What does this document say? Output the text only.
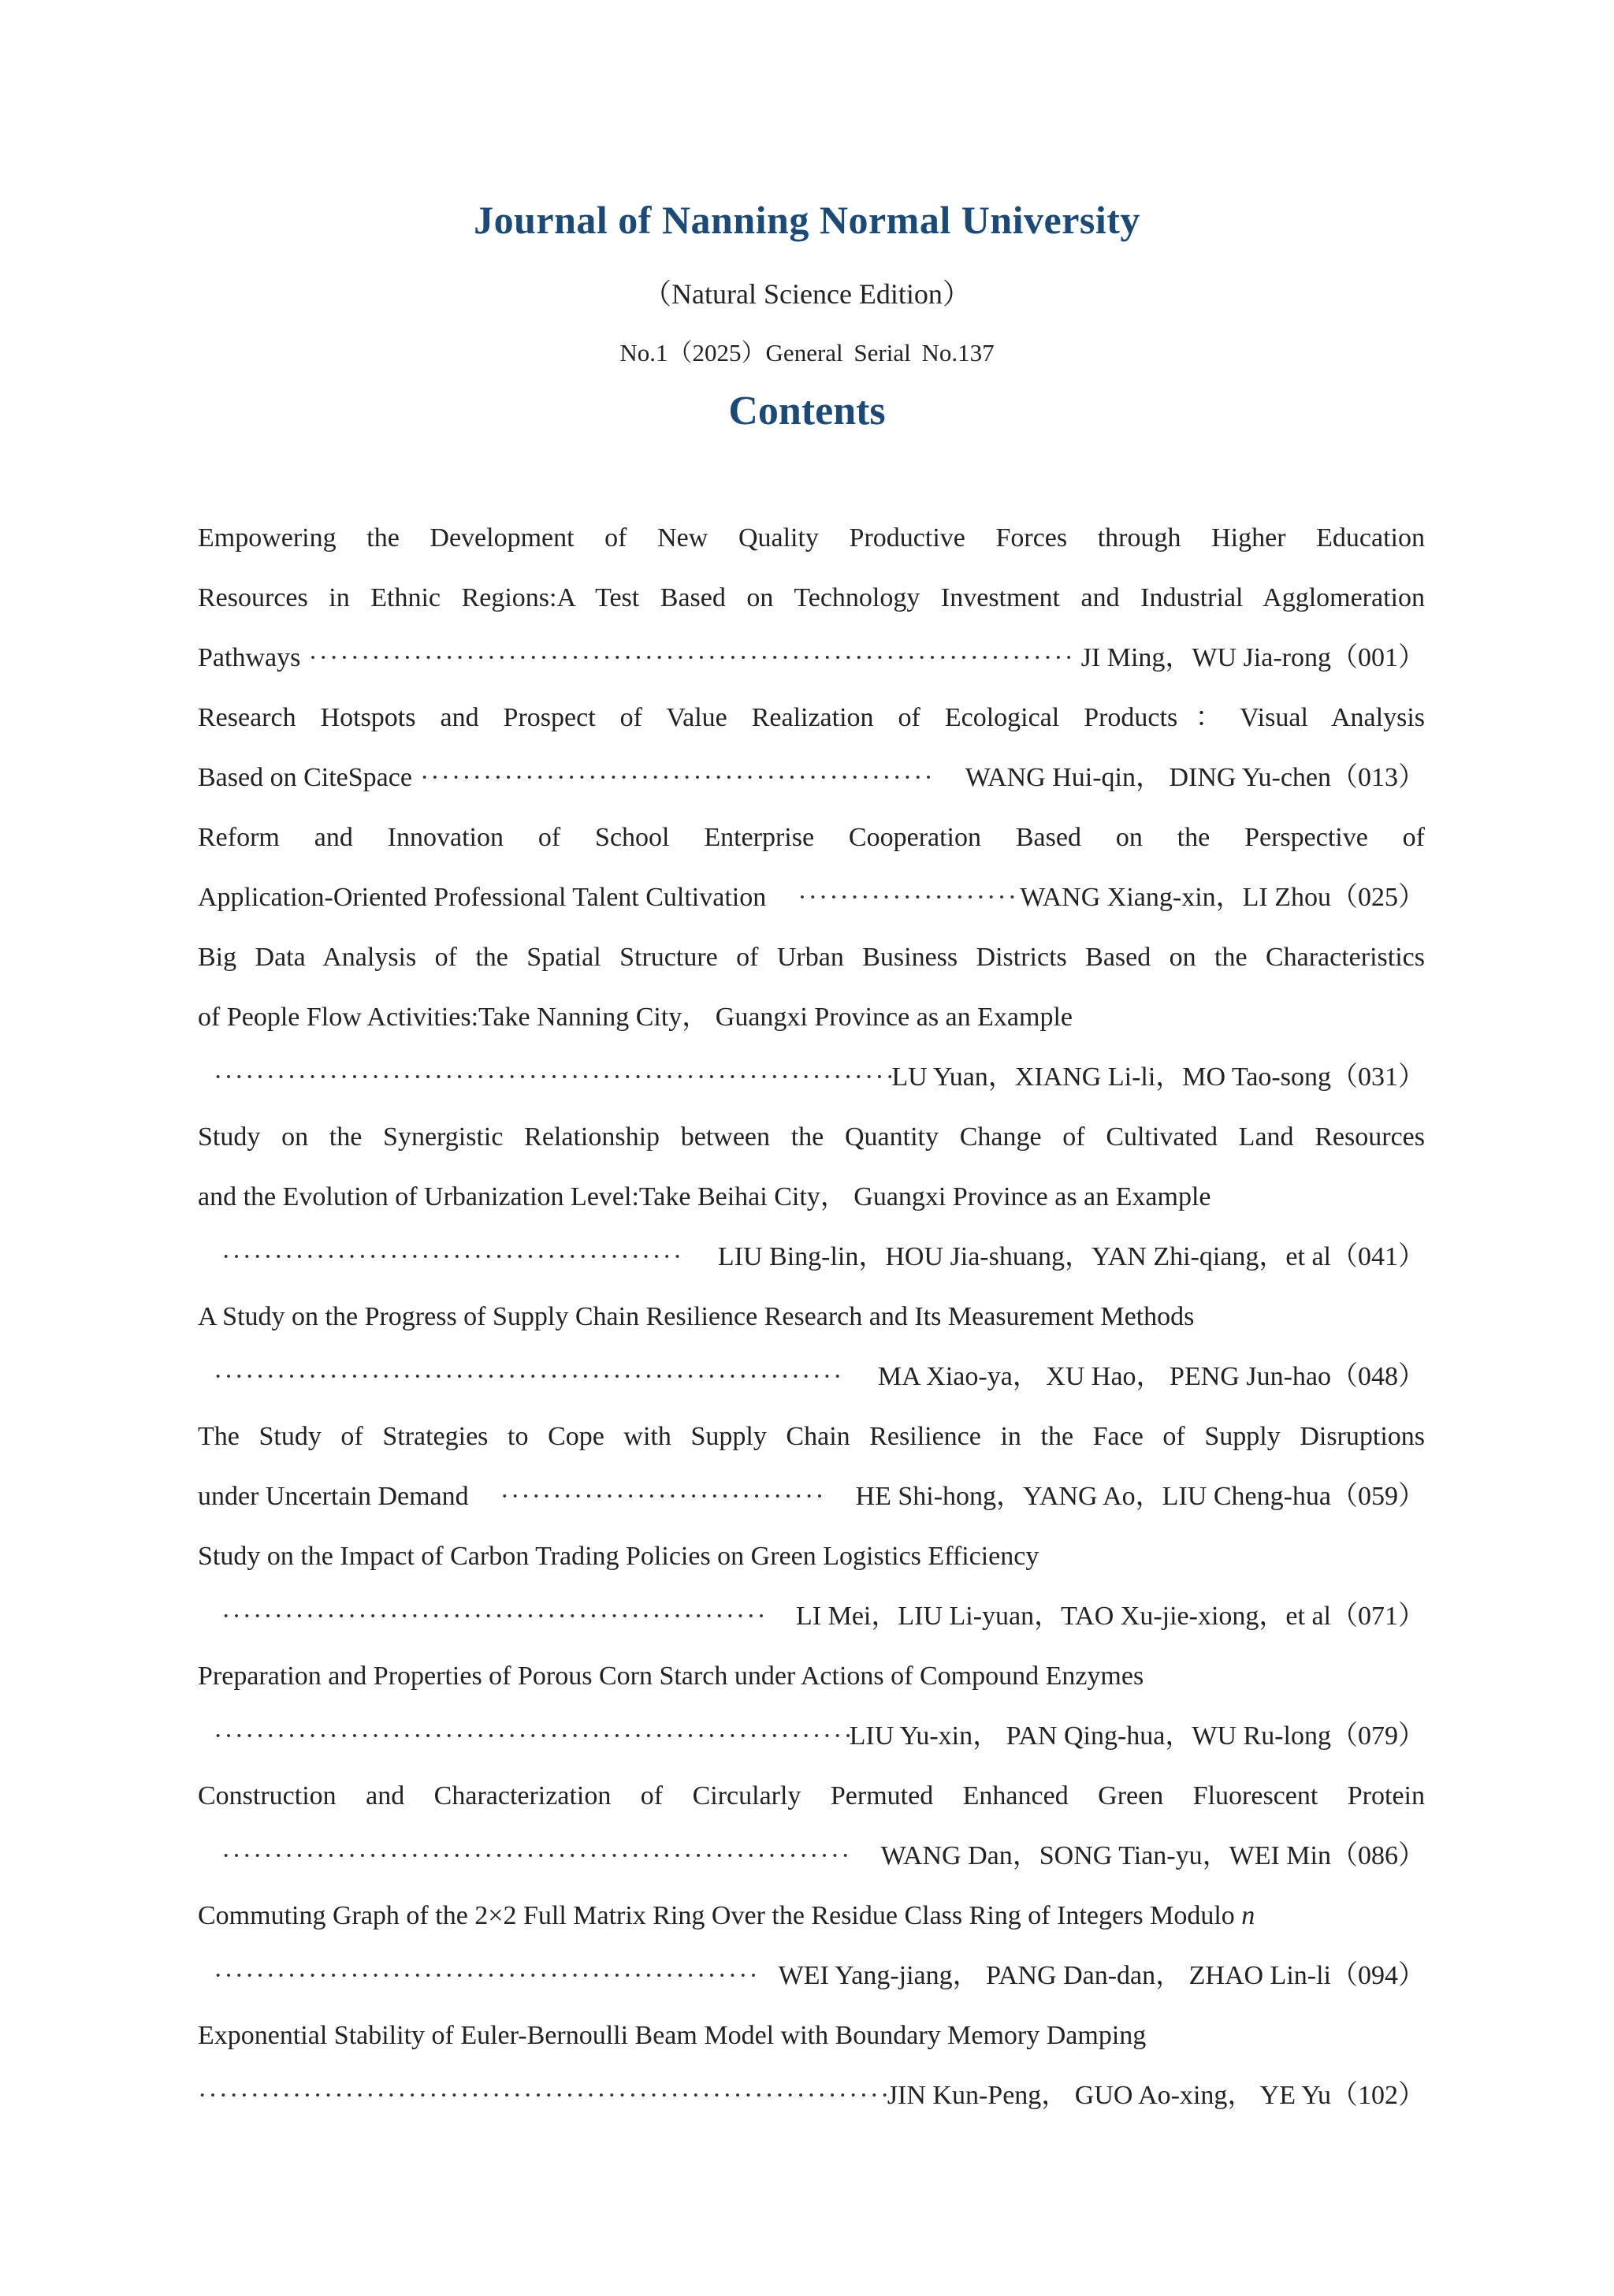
Journal of Nanning Normal University
（Natural Science Edition）
No.1（2025）General Serial No.137
Contents
Empowering the Development of New Quality Productive Forces through Higher Education
Resources in Ethnic Regions:A Test Based on Technology Investment and Industrial Agglomeration
Pathways ·····	JI Ming，WU Jia-rong （001）
Research Hotspots and Prospect of Value Realization of Ecological Products：Visual Analysis
Based on CiteSpace ·····	WANG Hui-qin， DING Yu-chen （013）
Reform and Innovation of School Enterprise Cooperation Based on the Perspective of
Application-Oriented Professional Talent Cultivation ·····	WANG Xiang-xin，LI Zhou （025）
Big Data Analysis of the Spatial Structure of Urban Business Districts Based on the Characteristics
of People Flow Activities:Take Nanning City， Guangxi Province as an Example
·····
LU Yuan，XIANG Li-li，MO Tao-song （031）
Study on the Synergistic Relationship between the Quantity Change of Cultivated Land Resources
and the Evolution of Urbanization Level:Take Beihai City， Guangxi Province as an Example
·····
LIU Bing-lin，HOU Jia-shuang，YAN Zhi-qiang，et al （041）
A Study on the Progress of Supply Chain Resilience Research and Its Measurement Methods
·····
MA Xiao-ya， XU Hao， PENG Jun-hao （048）
The Study of Strategies to Cope with Supply Chain Resilience in the Face of Supply Disruptions
under Uncertain Demand ·····	HE Shi-hong，YANG Ao，LIU Cheng-hua （059）
Study on the Impact of Carbon Trading Policies on Green Logistics Efficiency
·····
LI Mei，LIU Li-yuan，TAO Xu-jie-xiong，et al （071）
Preparation and Properties of Porous Corn Starch under Actions of Compound Enzymes
·····
LIU Yu-xin， PAN Qing-hua，WU Ru-long （079）
Construction and Characterization of Circularly Permuted Enhanced Green Fluorescent Protein
·····
WANG Dan，SONG Tian-yu，WEI Min （086）
Commuting Graph of the 2×2 Full Matrix Ring Over the Residue Class Ring of Integers Modulo n
·····
WEI Yang-jiang， PANG Dan-dan， ZHAO Lin-li （094）
Exponential Stability of Euler-Bernoulli Beam Model with Boundary Memory Damping
·····
JIN Kun-Peng， GUO Ao-xing， YE Yu （102）
